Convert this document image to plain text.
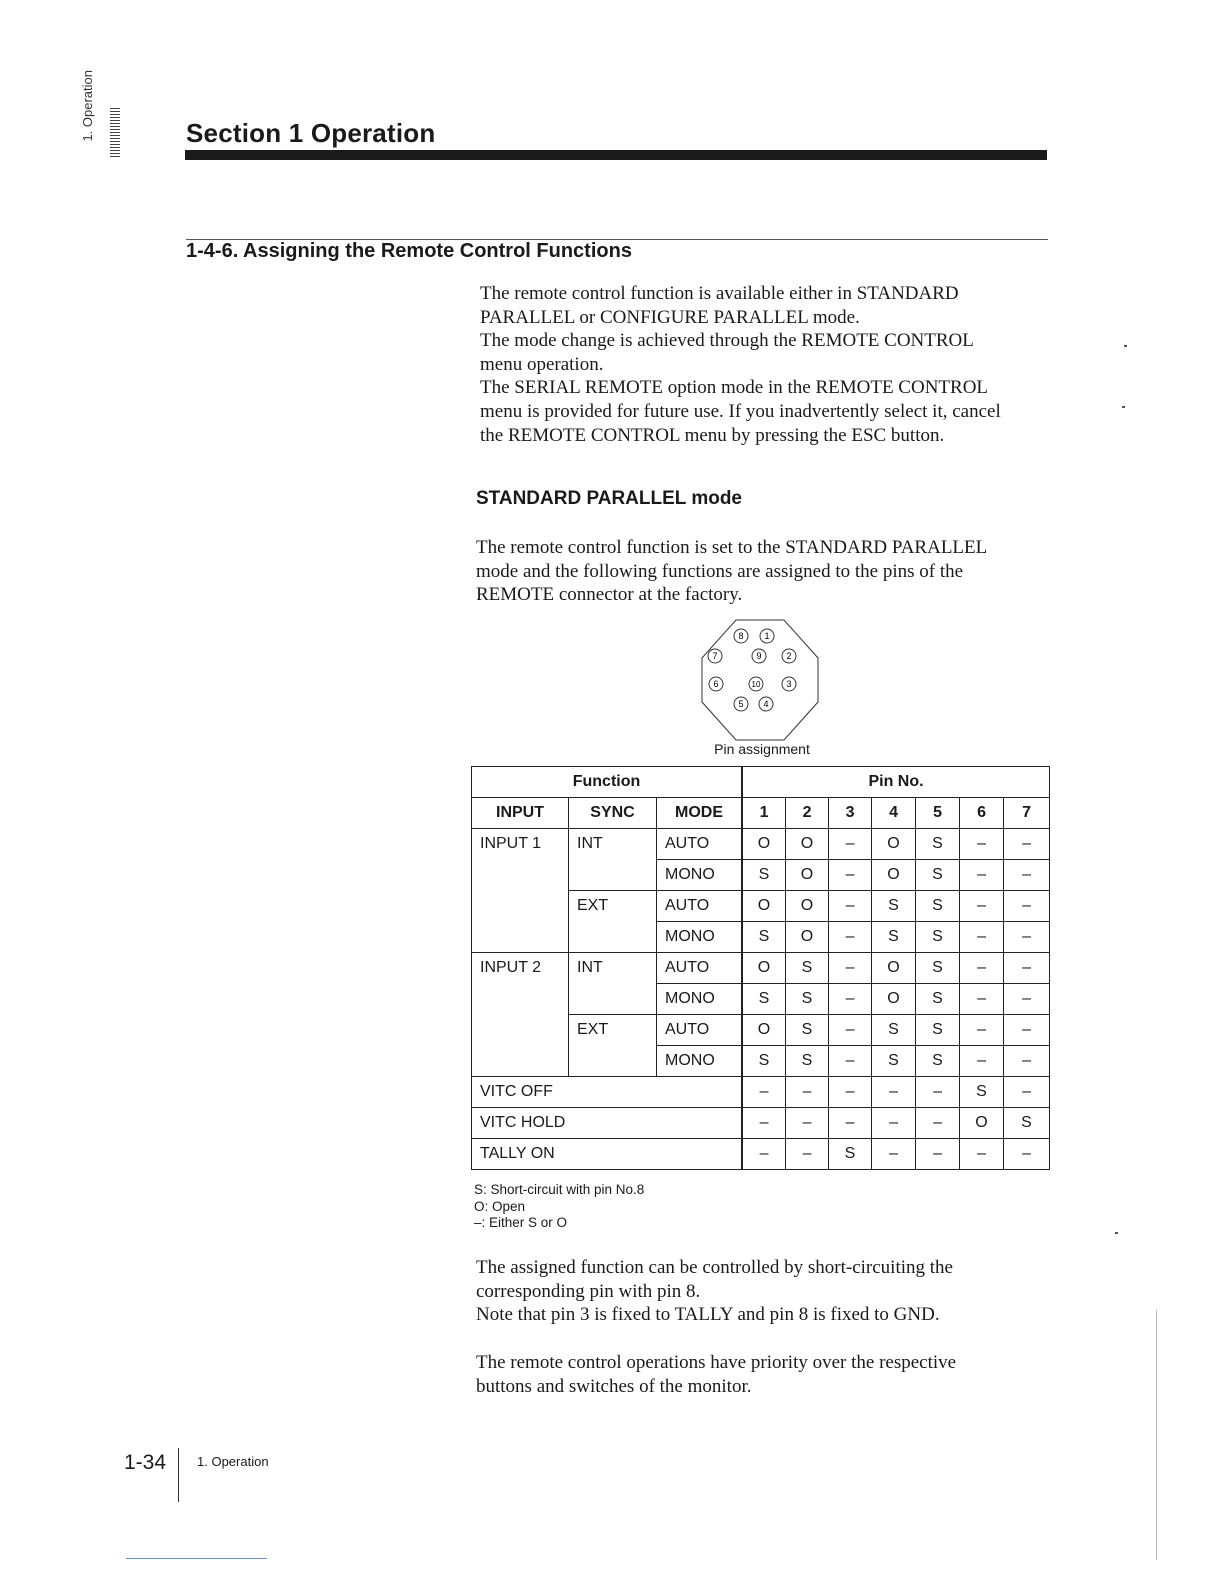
1. Operation	Section 1 Operation
1-4-6. Assigning the Remote Control Functions
The remote control function is available either in STANDARD
PARALLEL or CONFIGURE PARALLEL mode.
The mode change is achieved through the REMOTE CONTROL
menu operation.
The SERIAL REMOTE option mode in the REMOTE CONTROL
menu is provided for future use. If you inadvertently select it, cancel
the REMOTE CONTROL menu by pressing the ESC button.
STANDARD PARALLEL mode
The remote control function is set to the STANDARD PARALLEL
mode and the following functions are assigned to the pins of the
REMOTE connector at the factory.
8 1
7	9	2
6	10	3
5 4
Pin assignment
Function			Pin No.						
INPUT	SYNC	MODE		1	2	3	4	5	6	7
INPUT 1	INT	AUTO		O	O	–	O	S	–	–
		MONO		S	O	–	O	S	–	–
	EXT	AUTO		O	O	–	S	S	–	–
		MONO		S	O	–	S	S	–	–
INPUT 2	INT	AUTO		O	S	–	O	S	–	–
		MONO		S	S	–	O	S	–	–
	EXT	AUTO		O	S	–	S	S	–	–
		MONO		S	S	–	S	S	–	–
VITC OFF			–	–	–	–	–	S	–
VITC HOLD			–	–	–	–	–	O	S
TALLY ON			–	–	S	–	–	–	–
S: Short-circuit with pin No.8
O: Open
–: Either S or O
The assigned function can be controlled by short-circuiting the
corresponding pin with pin 8.
Note that pin 3 is fixed to TALLY and pin 8 is fixed to GND.
The remote control operations have priority over the respective
buttons and switches of the monitor.
1-34 1. Operation
